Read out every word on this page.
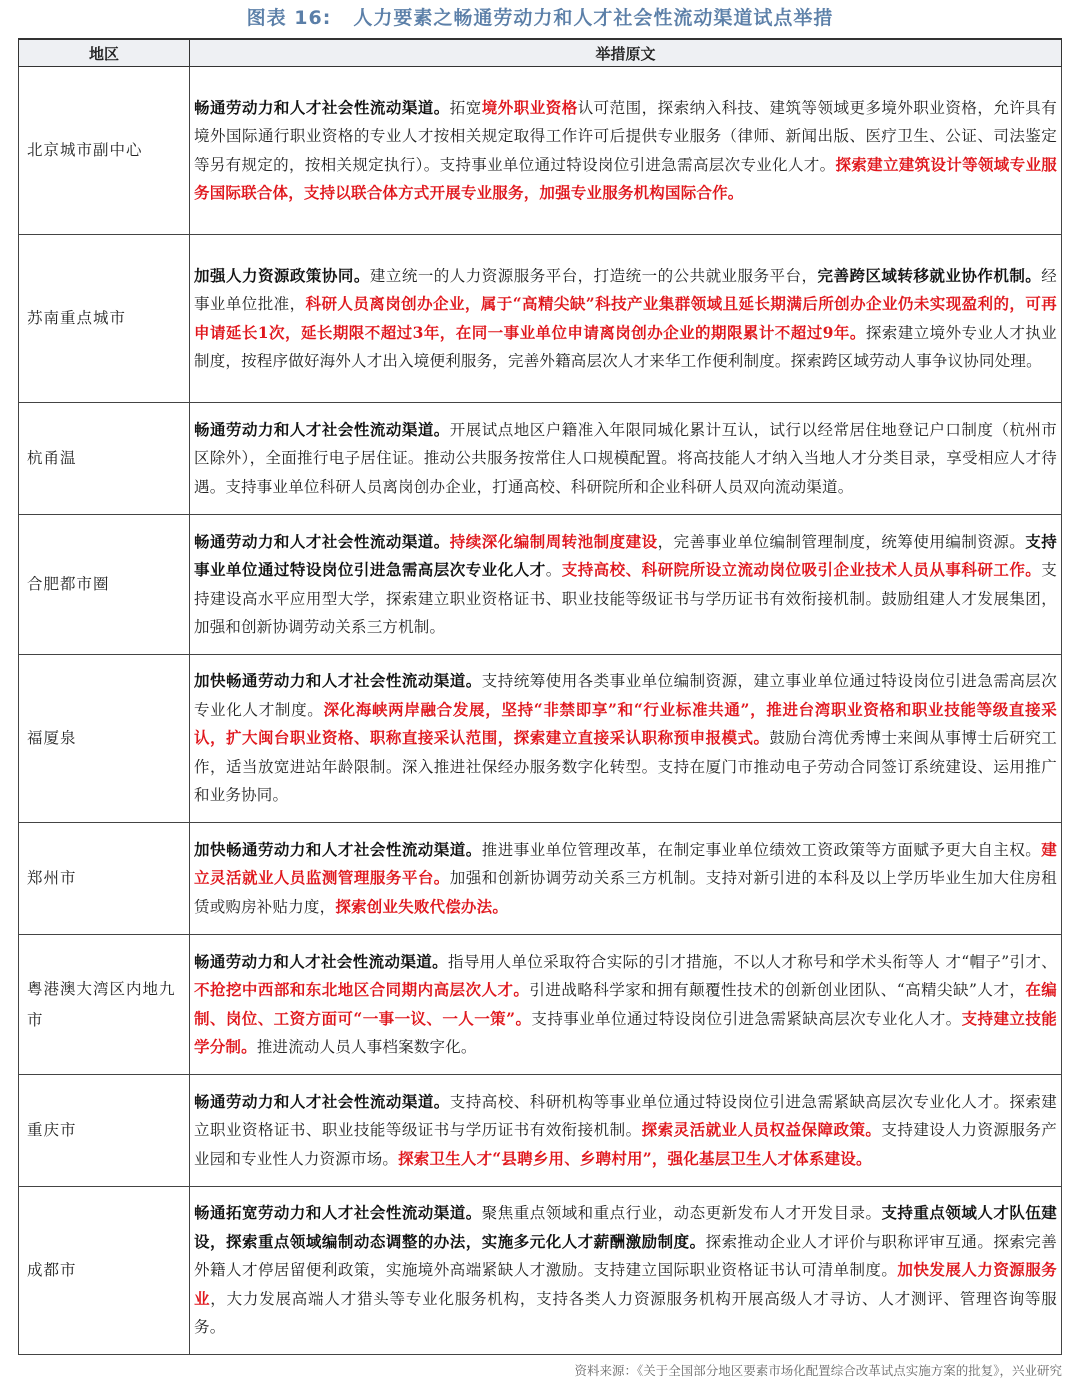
图表 16: 人力要素之畅通劳动力和人才社会性流动渠道试点举措
地区	举措原文
北京城市副中心	畅通劳动力和人才社会性流动渠道。拓宽境外职业资格认可范围，探索纳入科技、建筑等领域更多境外职业资格，允许具有境外国际通行职业资格的专业人才按相关规定取得工作许可后提供专业服务（律师、新闻出版、医疗卫生、公证、司法鉴定等另有规定的，按相关规定执行）。支持事业单位通过特设岗位引进急需高层次专业化人才。探索建立建筑设计等领域专业服务国际联合体，支持以联合体方式开展专业服务，加强专业服务机构国际合作。
苏南重点城市	加强人力资源政策协同。建立统一的人力资源服务平台，打造统一的公共就业服务平台，完善跨区域转移就业协作机制。经事业单位批准，科研人员离岗创办企业，属于“高精尖缺”科技产业集群领域且延长期满后所创办企业仍未实现盈利的，可再申请延长1次，延长期限不超过3年，在同一事业单位申请离岗创办企业的期限累计不超过9年。探索建立境外专业人才执业制度，按程序做好海外人才出入境便利服务，完善外籍高层次人才来华工作便利制度。探索跨区域劳动人事争议协同处理。
杭甬温	畅通劳动力和人才社会性流动渠道。开展试点地区户籍准入年限同城化累计互认，试行以经常居住地登记户口制度（杭州市区除外），全面推行电子居住证。推动公共服务按常住人口规模配置。将高技能人才纳入当地人才分类目录，享受相应人才待遇。支持事业单位科研人员离岗创办企业，打通高校、科研院所和企业科研人员双向流动渠道。
合肥都市圈	畅通劳动力和人才社会性流动渠道。持续深化编制周转池制度建设，完善事业单位编制管理制度，统筹使用编制资源。支持事业单位通过特设岗位引进急需高层次专业化人才。支持高校、科研院所设立流动岗位吸引企业技术人员从事科研工作。支持建设高水平应用型大学，探索建立职业资格证书、职业技能等级证书与学历证书有效衔接机制。鼓励组建人才发展集团，加强和创新协调劳动关系三方机制。
福厦泉	加快畅通劳动力和人才社会性流动渠道。支持统筹使用各类事业单位编制资源，建立事业单位通过特设岗位引进急需高层次专业化人才制度。深化海峡两岸融合发展，坚持“非禁即享”和“行业标准共通”，推进台湾职业资格和职业技能等级直接采认，扩大闽台职业资格、职称直接采认范围，探索建立直接采认职称预申报模式。鼓励台湾优秀博士来闽从事博士后研究工作，适当放宽进站年龄限制。深入推进社保经办服务数字化转型。支持在厦门市推动电子劳动合同签订系统建设、运用推广和业务协同。
郑州市	加快畅通劳动力和人才社会性流动渠道。推进事业单位管理改革，在制定事业单位绩效工资政策等方面赋予更大自主权。建立灵活就业人员监测管理服务平台。加强和创新协调劳动关系三方机制。支持对新引进的本科及以上学历毕业生加大住房租赁或购房补贴力度，探索创业失败代偿办法。
粤港澳大湾区内地九市	畅通劳动力和人才社会性流动渠道。指导用人单位采取符合实际的引才措施，不以人才称号和学术头衔等人 才“帽子”引才、不抢挖中西部和东北地区合同期内高层次人才。引进战略科学家和拥有颠覆性技术的创新创业团队、“高精尖缺”人才，在编制、岗位、工资方面可“一事一议、一人一策”。支持事业单位通过特设岗位引进急需紧缺高层次专业化人才。支持建立技能学分制。推进流动人员人事档案数字化。
重庆市	畅通劳动力和人才社会性流动渠道。支持高校、科研机构等事业单位通过特设岗位引进急需紧缺高层次专业化人才。探索建立职业资格证书、职业技能等级证书与学历证书有效衔接机制。探索灵活就业人员权益保障政策。支持建设人力资源服务产业园和专业性人力资源市场。探索卫生人才“县聘乡用、乡聘村用”，强化基层卫生人才体系建设。
成都市	畅通拓宽劳动力和人才社会性流动渠道。聚焦重点领域和重点行业，动态更新发布人才开发目录。支持重点领域人才队伍建设，探索重点领域编制动态调整的办法，实施多元化人才薪酬激励制度。探索推动企业人才评价与职称评审互通。探索完善外籍人才停居留便利政策，实施境外高端紧缺人才激励。支持建立国际职业资格证书认可清单制度。加快发展人力资源服务业，大力发展高端人才猎头等专业化服务机构，支持各类人力资源服务机构开展高级人才寻访、人才测评、管理咨询等服务。
资料来源：《关于全国部分地区要素市场化配置综合改革试点实施方案的批复》，兴业研究
